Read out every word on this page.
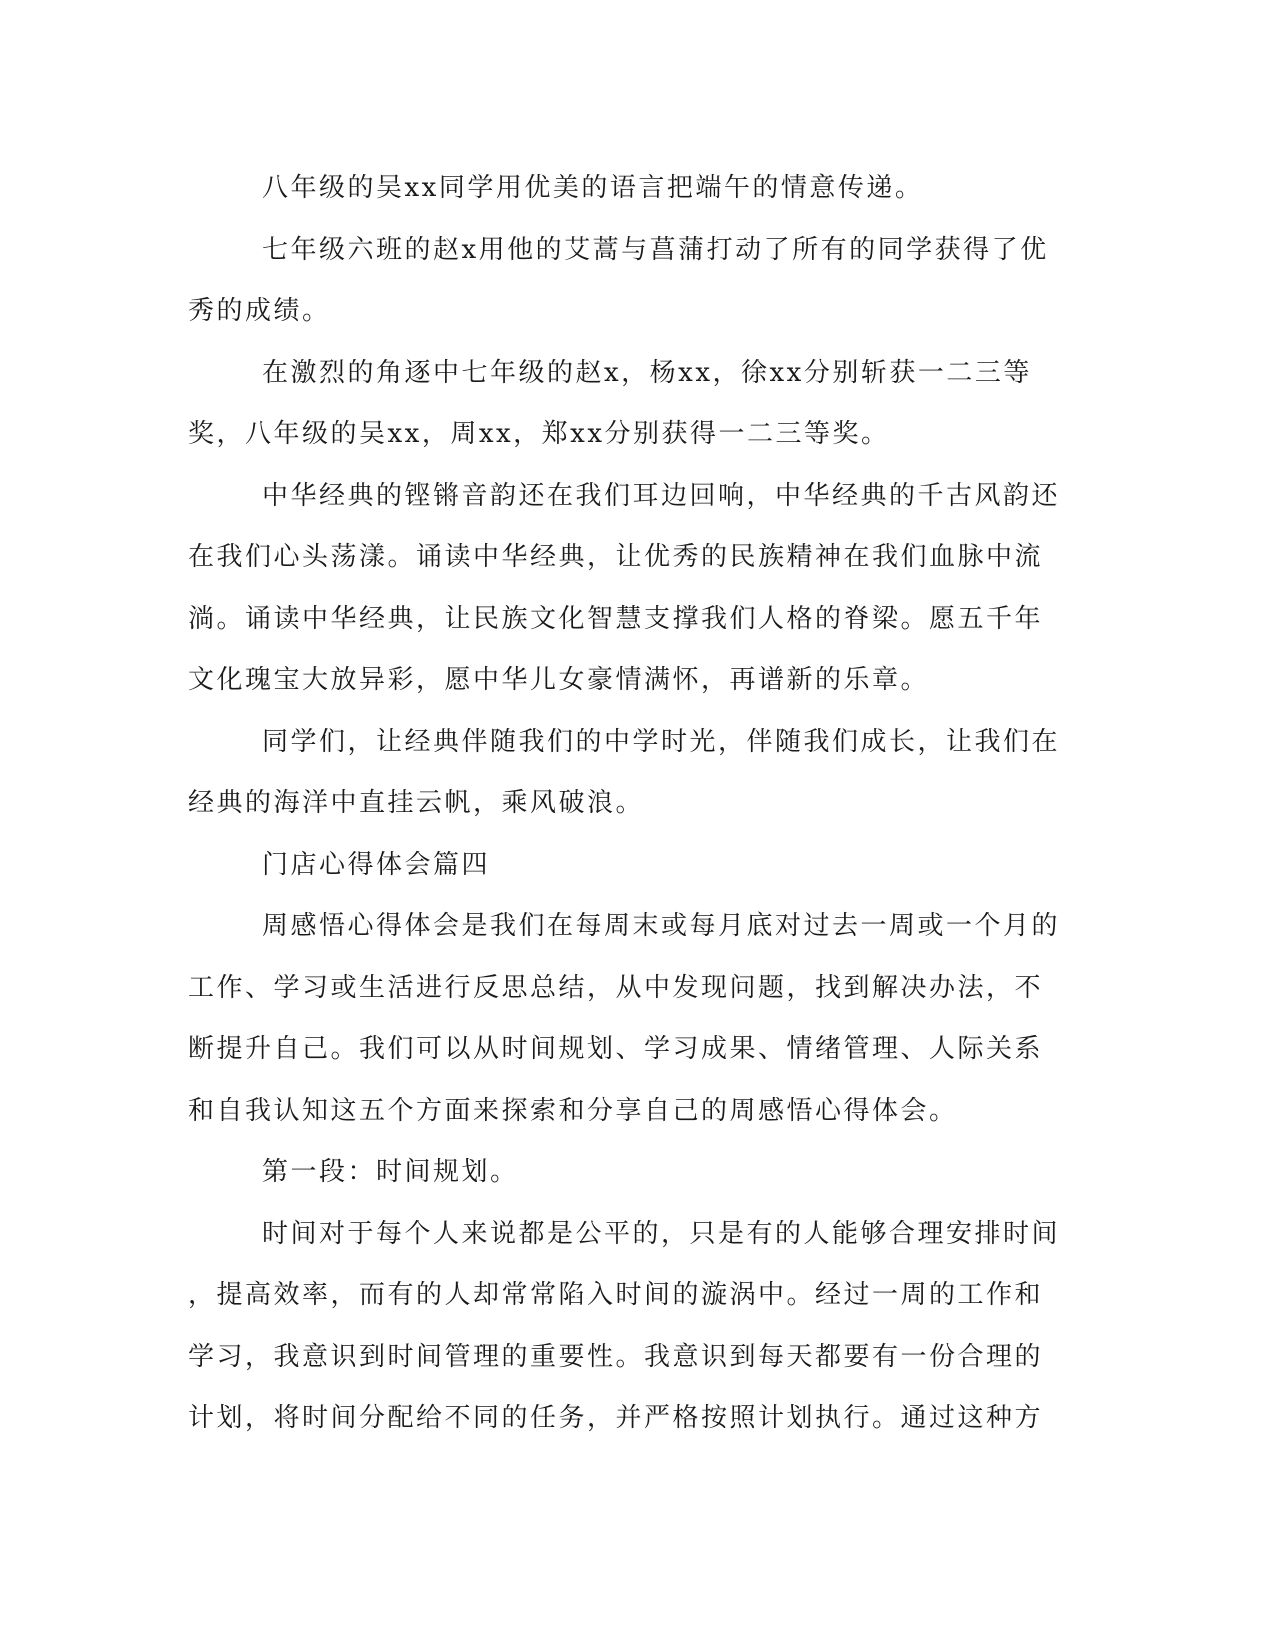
八年级的吴xx同学用优美的语言把端午的情意传递。
七年级六班的赵x用他的艾蒿与菖蒲打动了所有的同学获得了优
秀的成绩。
在激烈的角逐中七年级的赵x，杨xx，徐xx分别斩获一二三等
奖，八年级的吴xx，周xx，郑xx分别获得一二三等奖。
中华经典的铿锵音韵还在我们耳边回响，中华经典的千古风韵还
在我们心头荡漾。诵读中华经典，让优秀的民族精神在我们血脉中流
淌。诵读中华经典，让民族文化智慧支撑我们人格的脊梁。愿五千年
文化瑰宝大放异彩，愿中华儿女豪情满怀，再谱新的乐章。
同学们，让经典伴随我们的中学时光，伴随我们成长，让我们在
经典的海洋中直挂云帆，乘风破浪。
门店心得体会篇四
周感悟心得体会是我们在每周末或每月底对过去一周或一个月的
工作、学习或生活进行反思总结，从中发现问题，找到解决办法，不
断提升自己。我们可以从时间规划、学习成果、情绪管理、人际关系
和自我认知这五个方面来探索和分享自己的周感悟心得体会。
第一段：时间规划。
时间对于每个人来说都是公平的，只是有的人能够合理安排时间
，提高效率，而有的人却常常陷入时间的漩涡中。经过一周的工作和
学习，我意识到时间管理的重要性。我意识到每天都要有一份合理的
计划，将时间分配给不同的任务，并严格按照计划执行。通过这种方
